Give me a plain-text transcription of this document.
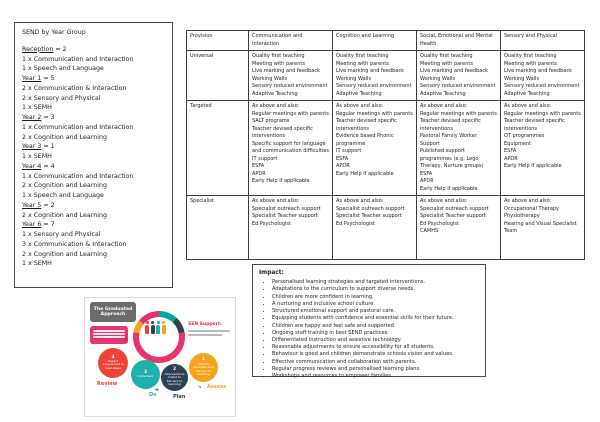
SEND by Year Group
Reception = 2
1 x Communication and Interaction
1 x Speech and Language
Year 1 = 5
2 x Communication & Interaction
2 x Sensory and Physical
1 x SEMH
Year 2 = 3
1 x Communication and Interaction
2 x Cognition and Learning
Year 3 = 1
1 x SEMH
Year 4 = 4
1 x Communication and Interaction
2 x Cognition and Learning
1 x Speech and Language
Year 5 = 2
2 x Cognition and Learning
Year 6 = 7
1 x Sensory and Physical
3 x Communication & Interaction
2 x Cognition and Learning
1 x SEMH
Provision	Communication and Interaction	Cognition and Learning	Social, Emotional and Mental Health	Sensory and Physical
Universal	Quality first teaching
Meeting with parents
Live marking and feedback
Working Walls
Sensory reduced environment
Adaptive Teaching

Quality first teaching
Meeting with parents
Live marking and feedback
Working Walls
Sensory reduced environment
Adaptive Teaching

Quality first teaching
Meeting with parents
Live marking and feedback
Working Walls
Sensory reduced environment
Adaptive Teaching

Quality first teaching
Meeting with parents
Live marking and feedback
Working Walls
Sensory reduced environment
Adaptive Teaching

Targeted	As above and also:
Regular meetings with parents
SALT programs
Teacher devised specific interventions
Specific support for language and communication difficulties
IT support
ESFA
APDR
Early Help if applicable

As above and also:
Regular meetings with parents
Teacher devised specific interventions
Evidence based Phonic programme
IT support
ESFA
APDR
Early Help if applicable

As above and also:
Regular meetings with parents
Teacher devised specific interventions
Pastoral Family Worker Support
Published support programmes (e.g. Lego Therapy, Nurture groups)
ESFA
APDR
Early Help if applicable

As above and also:
Regular meetings with parents
Teacher devised specific interventions
OT programmes
Equipment
ESFA
APDR
Early Help if applicable

Specialist	As above and also:
Specialist outreach support
Specialist Teacher support
Ed Psychologist

As above and also:
Specialist outreach support
Specialist Teacher support
Ed Psychologist

As above and also:
Specialist outreach support
Specialist Teacher support
Ed Psychologist
CAMHS

As above and also:
Occupational Therapy
Physiotherapy
Hearing and Visual Specialist Team
Impact:
• Personalised learning strategies and targeted interventions.
• Adaptations to the curriculum to support diverse needs.
• Children are more confident in learning.
• A nurturing and inclusive school culture.
• Structured emotional support and pastoral care.
• Equipping students with confidence and essential skills for their future.
• Children are happy and feel safe and supported.
• Ongoing staff training in best SEND practices.
• Differentiated instruction and assistive technology.
• Reasonable adjustments to ensure accessibility for all students.
• Behaviour is good and children demonstrate schools vision and values.
• Effective communication and collaboration with parents.
• Regular progress reviews and personalised learning plans.
• Workshops and resources to empower families.
The Graduated Approach
SEN Support:
1
Identify strengths and barriers to learning
2
Interventions linked to barriers to learning
3
Implement
4
Impact assessment & next steps
Assess
Plan
Do
Review
↗
◄	↘
